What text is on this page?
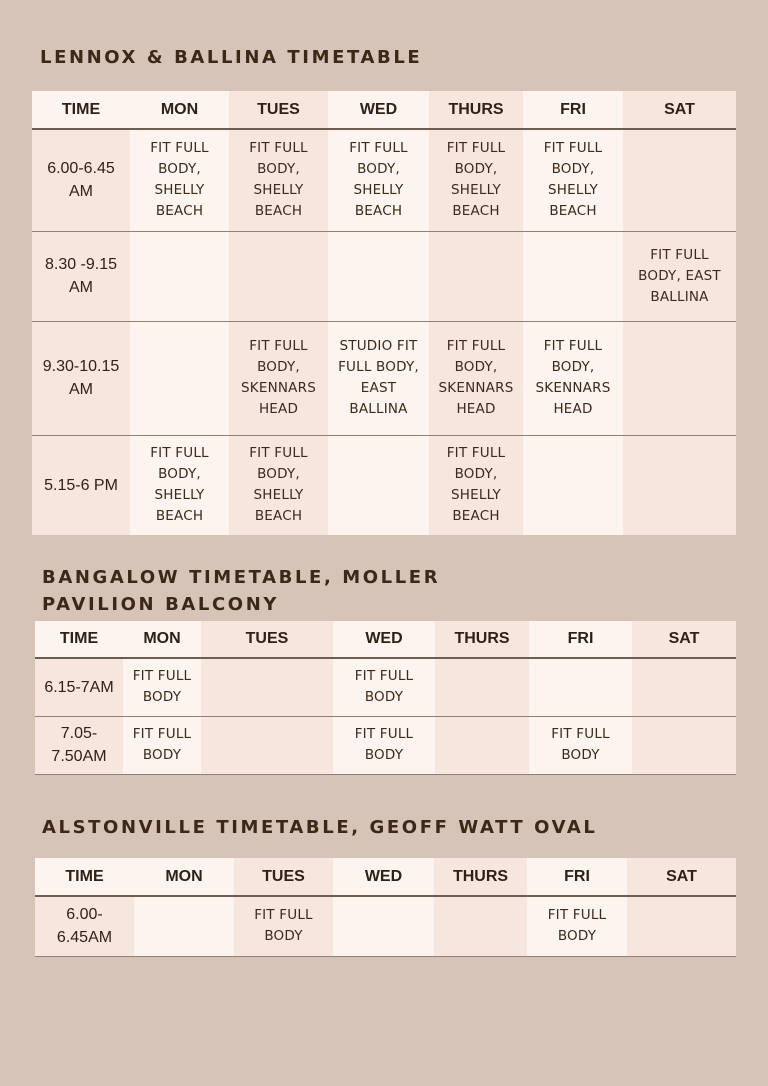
LENNOX & BALLINA TIMETABLE
TIME	MON	TUES	WED	THURS	FRI	SAT
6.00-6.45 AM	FIT FULL BODY, SHELLY BEACH	FIT FULL BODY, SHELLY BEACH	FIT FULL BODY, SHELLY BEACH	FIT FULL BODY, SHELLY BEACH	FIT FULL BODY, SHELLY BEACH	
8.30 -9.15 AM						FIT FULL BODY, EAST BALLINA
9.30-10.15 AM		FIT FULL BODY, SKENNARS HEAD	STUDIO FIT FULL BODY, EAST BALLINA	FIT FULL BODY, SKENNARS HEAD	FIT FULL BODY, SKENNARS HEAD	
5.15-6 PM	FIT FULL BODY, SHELLY BEACH	FIT FULL BODY, SHELLY BEACH		FIT FULL BODY, SHELLY BEACH		
BANGALOW TIMETABLE, MOLLER PAVILION BALCONY
TIME	MON	TUES	WED	THURS	FRI	SAT
6.15-7AM	FIT FULL BODY		FIT FULL BODY			
7.05-7.50AM	FIT FULL BODY		FIT FULL BODY		FIT FULL BODY	
ALSTONVILLE TIMETABLE, GEOFF WATT OVAL
TIME	MON	TUES	WED	THURS	FRI	SAT
6.00-6.45AM		FIT FULL BODY			FIT FULL BODY	
